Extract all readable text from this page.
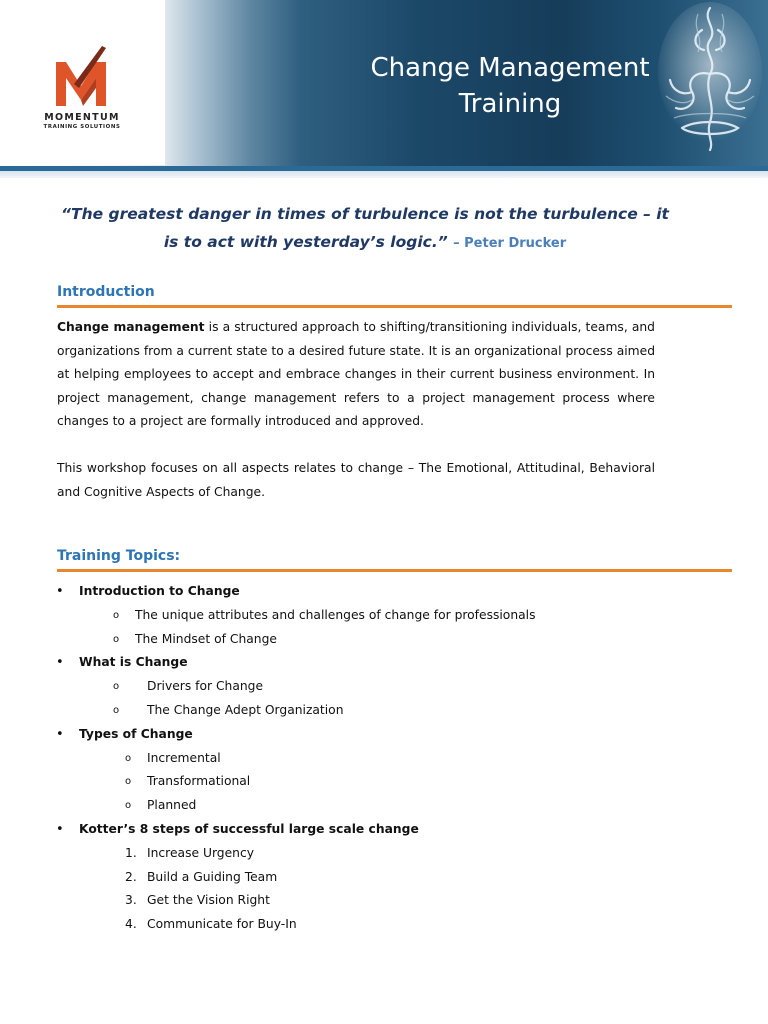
MOMENTUM
TRAINING SOLUTIONS
Change Management
Training
“The greatest danger in times of turbulence is not the turbulence – it
is to act with yesterday’s logic.” – Peter Drucker
Introduction

Change management is a structured approach to shifting/transitioning individuals, teams, and organizations from a current state to a desired future state. It is an organizational process aimed at helping employees to accept and embrace changes in their current business environment. In project management, change management refers to a project management process where changes to a project are formally introduced and approved.

This workshop focuses on all aspects relates to change – The Emotional, Attitudinal, Behavioral and Cognitive Aspects of Change.

Training Topics:
• Introduction to Change
o The unique attributes and challenges of change for professionals
o The Mindset of Change
• What is Change
o Drivers for Change
o The Change Adept Organization
• Types of Change
o Incremental
o Transformational
o Planned
• Kotter’s 8 steps of successful large scale change
1. Increase Urgency
2. Build a Guiding Team
3. Get the Vision Right
4. Communicate for Buy-In
